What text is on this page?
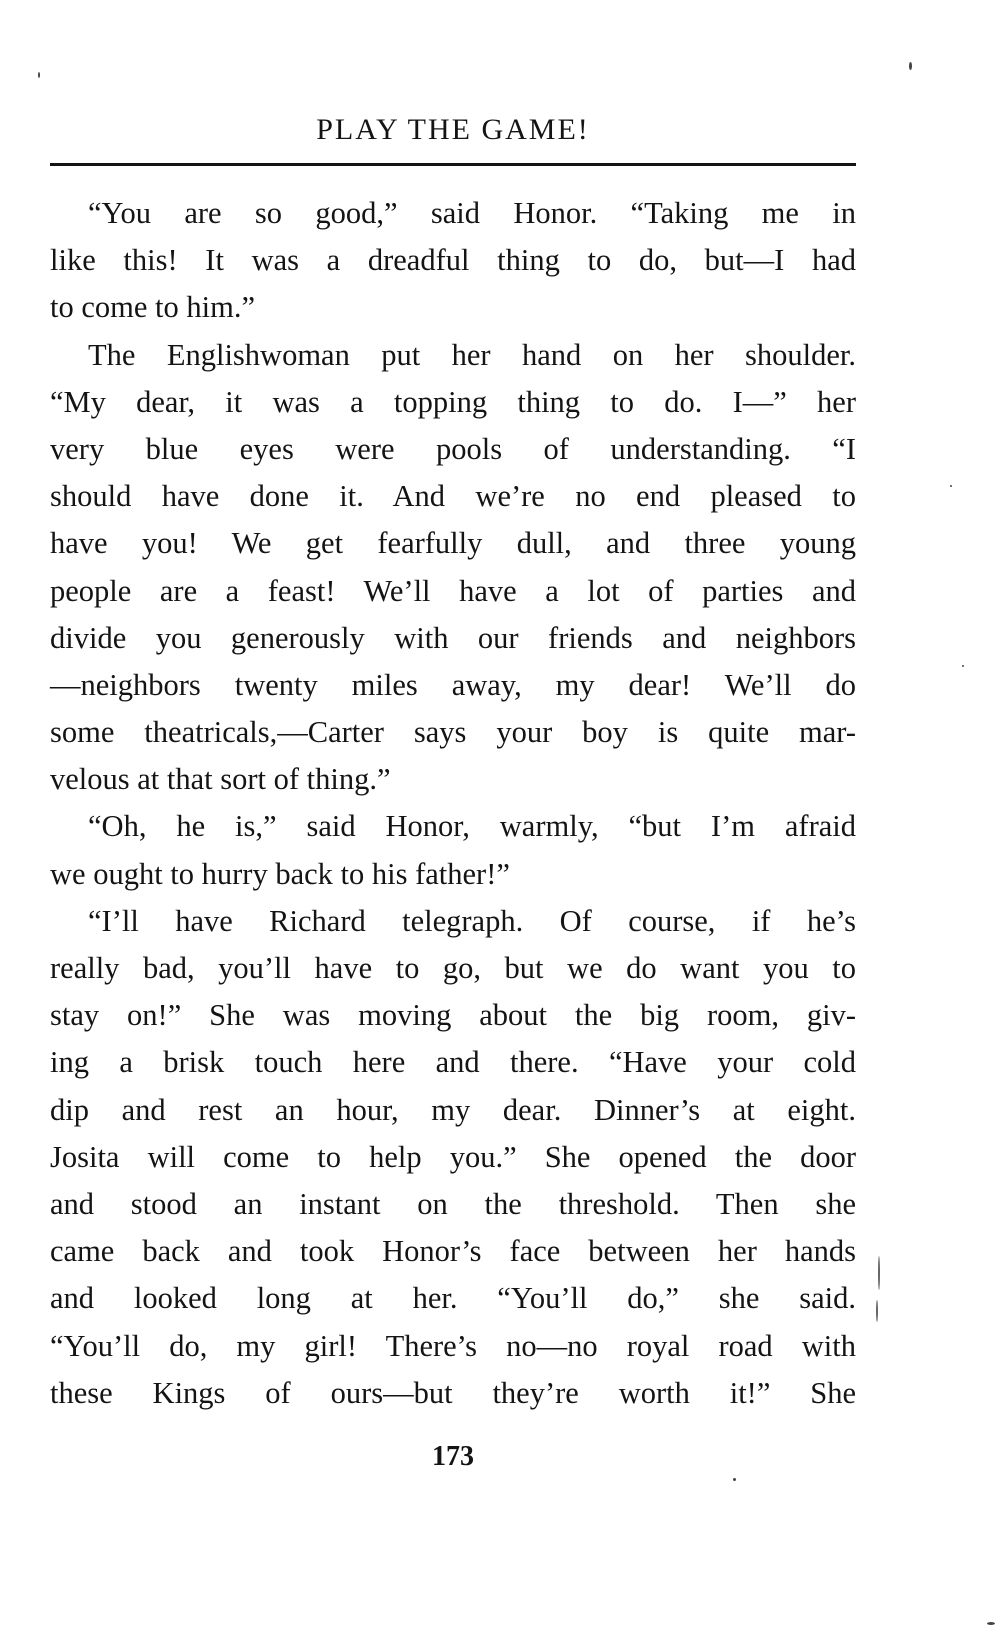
PLAY THE GAME!
“You are so good,” said Honor. “Taking me in
like this! It was a dreadful thing to do, but—I had
to come to him.”
The Englishwoman put her hand on her shoulder.
“My dear, it was a topping thing to do. I—” her
very blue eyes were pools of understanding. “I
should have done it. And we’re no end pleased to
have you! We get fearfully dull, and three young
people are a feast! We’ll have a lot of parties and
divide you generously with our friends and neighbors
—neighbors twenty miles away, my dear! We’ll do
some theatricals,—Carter says your boy is quite mar-
velous at that sort of thing.”
“Oh, he is,” said Honor, warmly, “but I’m afraid
we ought to hurry back to his father!”
“I’ll have Richard telegraph. Of course, if he’s
really bad, you’ll have to go, but we do want you to
stay on!” She was moving about the big room, giv-
ing a brisk touch here and there. “Have your cold
dip and rest an hour, my dear. Dinner’s at eight.
Josita will come to help you.” She opened the door
and stood an instant on the threshold. Then she
came back and took Honor’s face between her hands
and looked long at her. “You’ll do,” she said.
“You’ll do, my girl! There’s no—no royal road with
these Kings of ours—but they’re worth it!” She
173
